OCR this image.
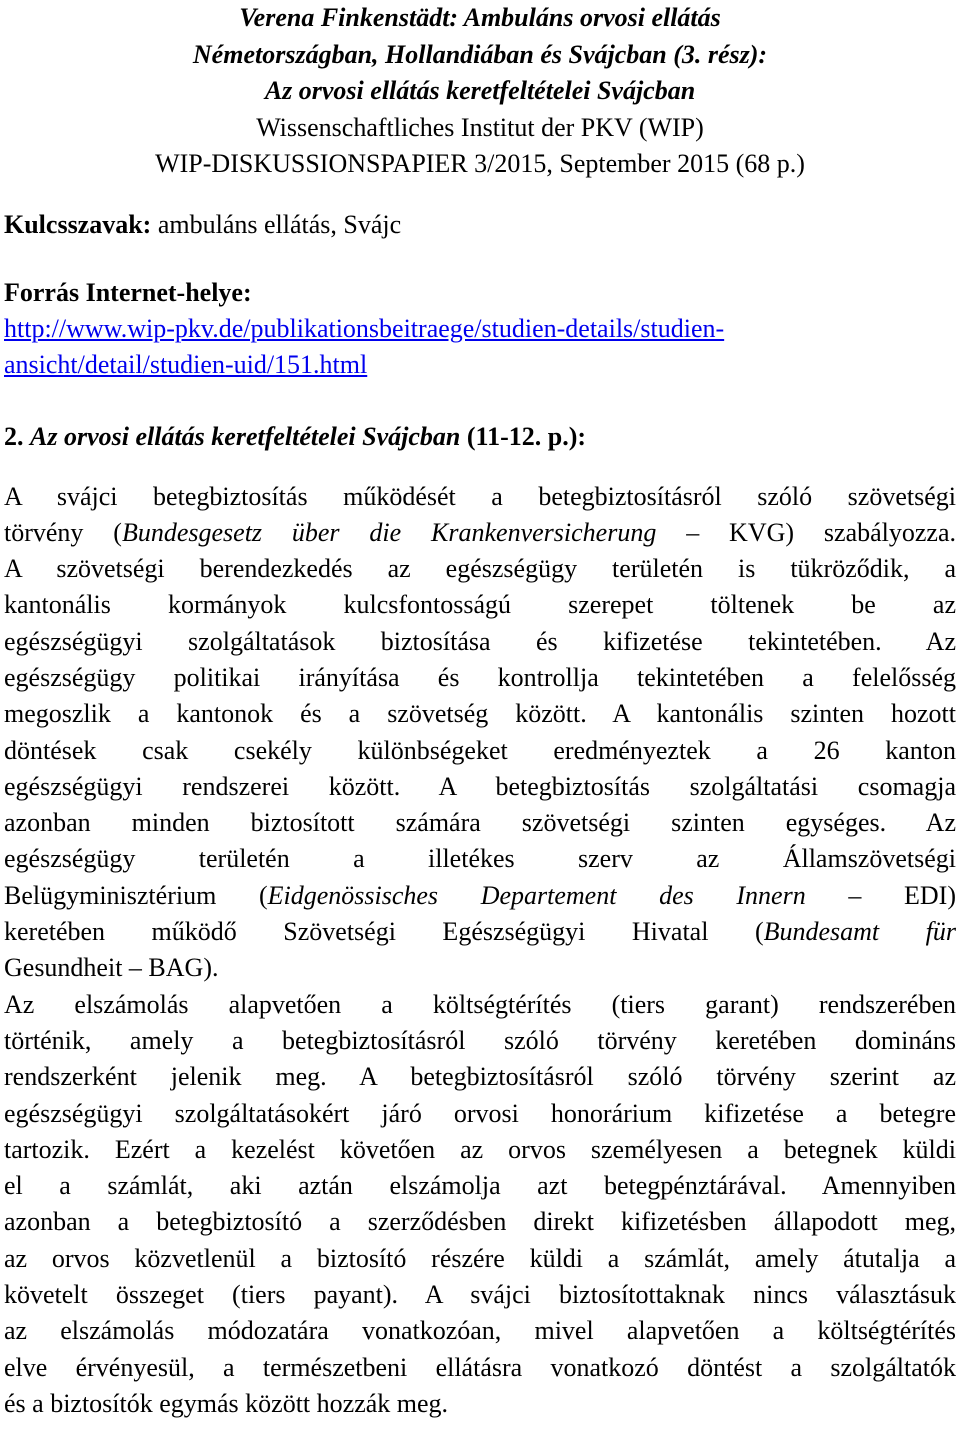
Verena Finkenstädt: Ambuláns orvosi ellátás
Németországban, Hollandiában és Svájcban (3. rész):
Az orvosi ellátás keretfeltételei Svájcban
Wissenschaftliches Institut der PKV (WIP)
WIP-DISKUSSIONSPAPIER 3/2015, September 2015 (68 p.)
Kulcsszavak: ambuláns ellátás, Svájc
Forrás Internet-helye:
http://www.wip-pkv.de/publikationsbeitraege/studien-details/studien-
ansicht/detail/studien-uid/151.html
2. Az orvosi ellátás keretfeltételei Svájcban (11-12. p.):

A svájci betegbiztosítás működését a betegbiztosításról szóló szövetségi
törvény (Bundesgesetz über die Krankenversicherung – KVG) szabályozza.
A szövetségi berendezkedés az egészségügy területén is tükröződik, a
kantonális kormányok kulcsfontosságú szerepet töltenek be az
egészségügyi szolgáltatások biztosítása és kifizetése tekintetében. Az
egészségügy politikai irányítása és kontrollja tekintetében a felelősség
megoszlik a kantonok és a szövetség között. A kantonális szinten hozott
döntések csak csekély különbségeket eredményeztek a 26 kanton
egészségügyi rendszerei között. A betegbiztosítás szolgáltatási csomagja
azonban minden biztosított számára szövetségi szinten egységes. Az
egészségügy területén a illetékes szerv az Államszövetségi
Belügyminisztérium (Eidgenössisches Departement des Innern – EDI)
keretében működő Szövetségi Egészségügyi Hivatal (Bundesamt für
Gesundheit – BAG).

Az elszámolás alapvetően a költségtérítés (tiers garant) rendszerében
történik, amely a betegbiztosításról szóló törvény keretében domináns
rendszerként jelenik meg. A betegbiztosításról szóló törvény szerint az
egészségügyi szolgáltatásokért járó orvosi honorárium kifizetése a betegre
tartozik. Ezért a kezelést követően az orvos személyesen a betegnek küldi
el a számlát, aki aztán elszámolja azt betegpénztárával. Amennyiben
azonban a betegbiztosító a szerződésben direkt kifizetésben állapodott meg,
az orvos közvetlenül a biztosító részére küldi a számlát, amely átutalja a
követelt összeget (tiers payant). A svájci biztosítottaknak nincs választásuk
az elszámolás módozatára vonatkozóan, mivel alapvetően a költségtérítés
elve érvényesül, a természetbeni ellátásra vonatkozó döntést a szolgáltatók
és a biztosítók egymás között hozzák meg.
